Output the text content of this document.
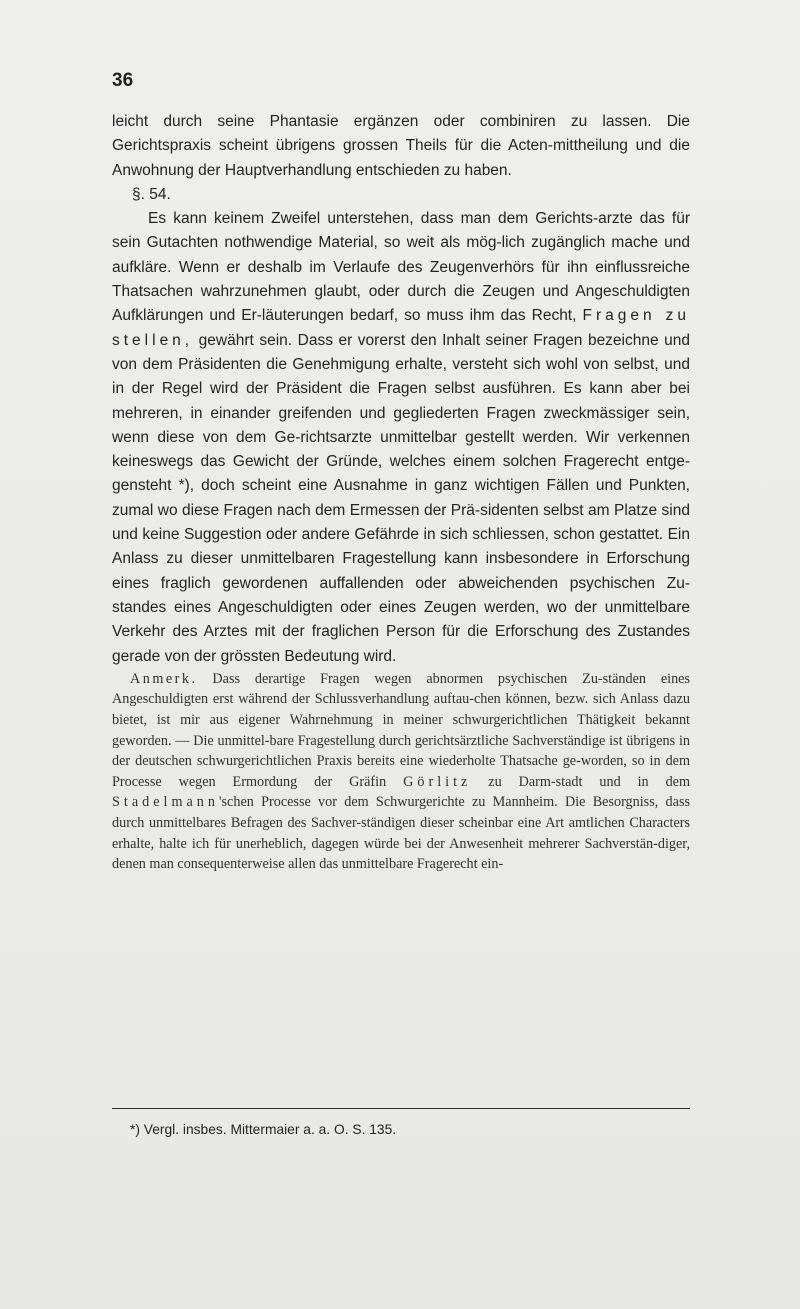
36

leicht durch seine Phantasie ergänzen oder combiniren zu lassen. Die Gerichtspraxis scheint übrigens grossen Theils für die Acten-mittheilung und die Anwohnung der Hauptverhandlung entschieden zu haben.

§. 54.

Es kann keinem Zweifel unterstehen, dass man dem Gerichts-arzte das für sein Gutachten nothwendige Material, so weit als mög-lich zugänglich mache und aufkläre. Wenn er deshalb im Verlaufe des Zeugenverhörs für ihn einflussreiche Thatsachen wahrzunehmen glaubt, oder durch die Zeugen und Angeschuldigten Aufklärungen und Er-läuterungen bedarf, so muss ihm das Recht, Fragen zu stellen, gewährt sein. Dass er vorerst den Inhalt seiner Fragen bezeichne und von dem Präsidenten die Genehmigung erhalte, versteht sich wohl von selbst, und in der Regel wird der Präsident die Fragen selbst ausführen. Es kann aber bei mehreren, in einander greifenden und gegliederten Fragen zweckmässiger sein, wenn diese von dem Ge-richtsarzte unmittelbar gestellt werden. Wir verkennen keineswegs das Gewicht der Gründe, welches einem solchen Fragerecht entge-gensteht *), doch scheint eine Ausnahme in ganz wichtigen Fällen und Punkten, zumal wo diese Fragen nach dem Ermessen der Prä-sidenten selbst am Platze sind und keine Suggestion oder andere Gefährde in sich schliessen, schon gestattet. Ein Anlass zu dieser unmittelbaren Fragestellung kann insbesondere in Erforschung eines fraglich gewordenen auffallenden oder abweichenden psychischen Zu-standes eines Angeschuldigten oder eines Zeugen werden, wo der unmittelbare Verkehr des Arztes mit der fraglichen Person für die Erforschung des Zustandes gerade von der grössten Bedeutung wird.

Anmerk. Dass derartige Fragen wegen abnormen psychischen Zu-ständen eines Angeschuldigten erst während der Schlussverhandlung auftau-chen können, bezw. sich Anlass dazu bietet, ist mir aus eigener Wahrnehmung in meiner schwurgerichtlichen Thätigkeit bekannt geworden. — Die unmittel-bare Fragestellung durch gerichtsärztliche Sachverständige ist übrigens in der deutschen schwurgerichtlichen Praxis bereits eine wiederholte Thatsache ge-worden, so in dem Processe wegen Ermordung der Gräfin Görlitz zu Darm-stadt und in dem Stadelmann'schen Processe vor dem Schwurgerichte zu Mannheim. Die Besorgniss, dass durch unmittelbares Befragen des Sachver-ständigen dieser scheinbar eine Art amtlichen Characters erhalte, halte ich für unerheblich, dagegen würde bei der Anwesenheit mehrerer Sachverstän-diger, denen man consequenterweise allen das unmittelbare Fragerecht ein-

*) Vergl. insbes. Mittermaier a. a. O. S. 135.
